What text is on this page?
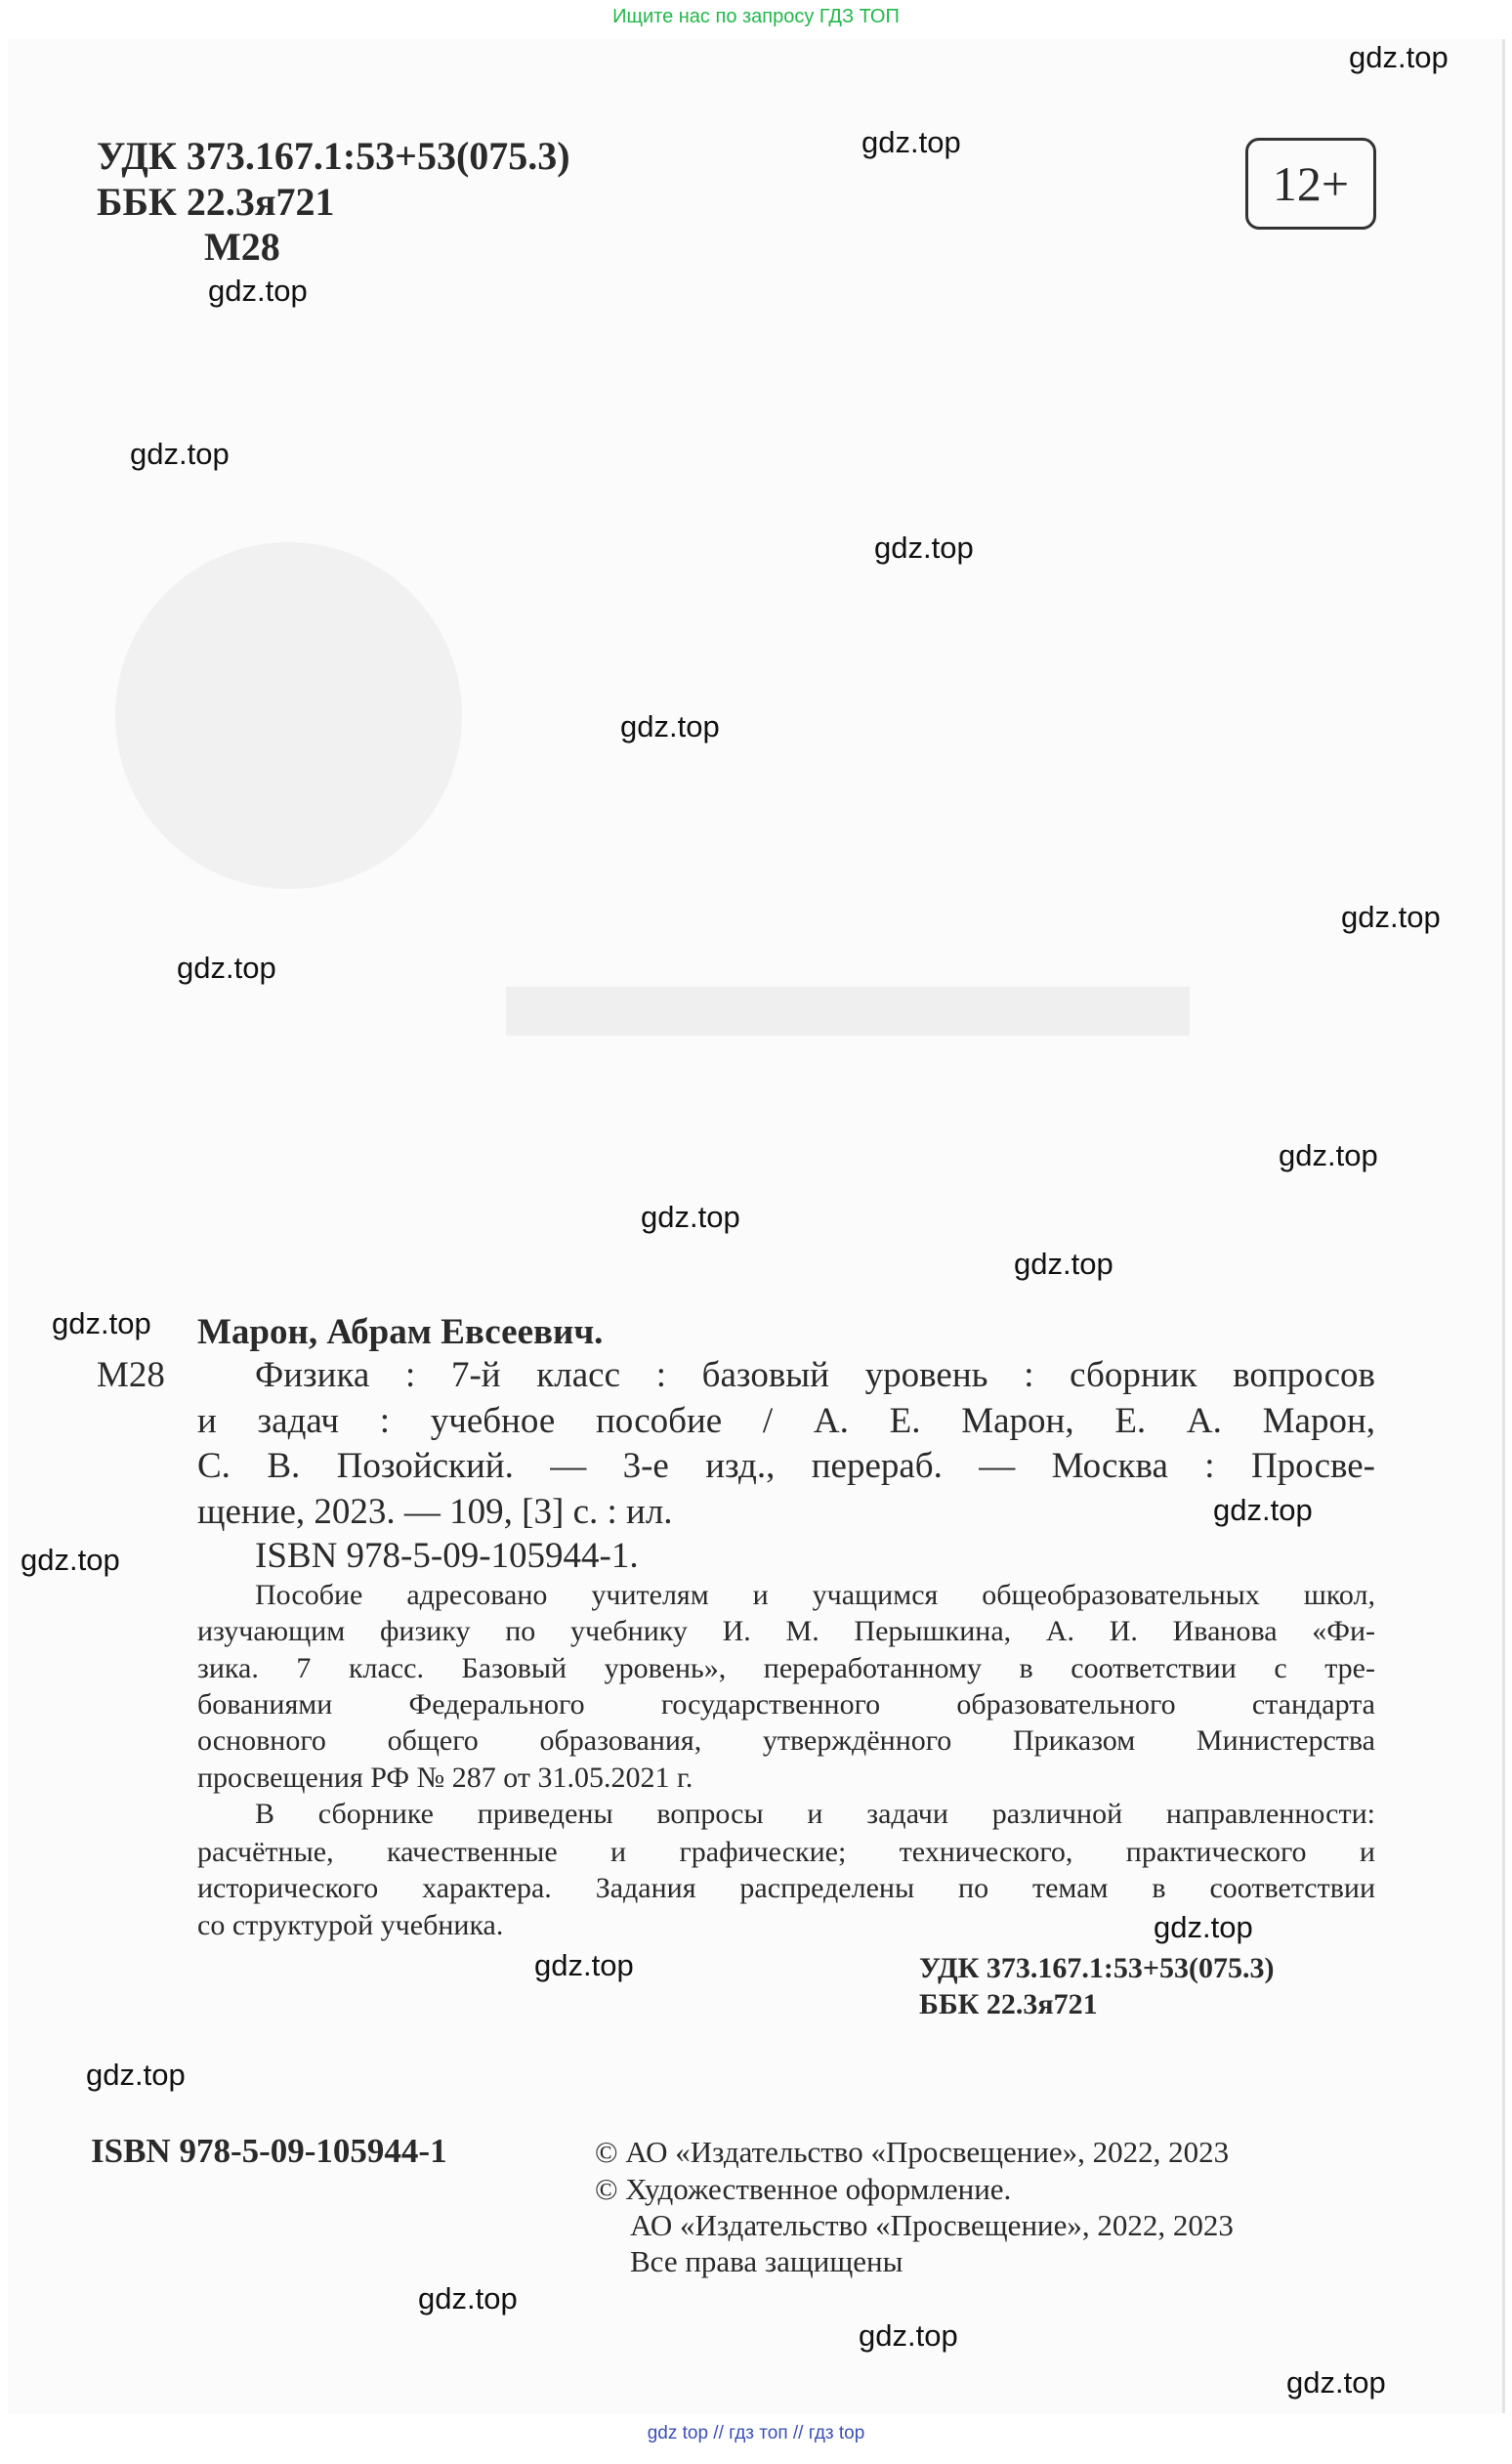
Ищите нас по запросу ГДЗ ТОП
УДК 373.167.1:53+53(075.3)
ББК 22.3я721
М28
12+
Марон, Абрам Евсеевич.
М28 Физика : 7-й класс : базовый уровень : сборник вопросов
и задач : учебное пособие / А. Е. Марон, Е. А. Марон,
С. В. Позойский. — 3-е изд., перераб. — Москва : Просве-
щение, 2023. — 109, [3] с. : ил.
ISBN 978-5-09-105944-1.
Пособие адресовано учителям и учащимся общеобразовательных школ,
изучающим физику по учебнику И. М. Перышкина, А. И. Иванова «Фи-
зика. 7 класс. Базовый уровень», переработанному в соответствии с тре-
бованиями Федерального государственного образовательного стандарта
основного общего образования, утверждённого Приказом Министерства
просвещения РФ № 287 от 31.05.2021 г.
В сборнике приведены вопросы и задачи различной направленности:
расчётные, качественные и графические; технического, практического и
исторического характера. Задания распределены по темам в соответствии
со структурой учебника.
УДК 373.167.1:53+53(075.3)
ББК 22.3я721
ISBN 978-5-09-105944-1	© АО «Издательство «Просвещение», 2022, 2023
© Художественное оформление.
АО «Издательство «Просвещение», 2022, 2023
Все права защищены
gdz.top
gdz.top
gdz.top
gdz.top
gdz.top
gdz.top
gdz.top
gdz.top
gdz.top
gdz.top
gdz.top
gdz.top
gdz.top
gdz.top
gdz.top
gdz.top
gdz.top
gdz.top
gdz.top
gdz.top
gdz top // гдз топ // гдз top
